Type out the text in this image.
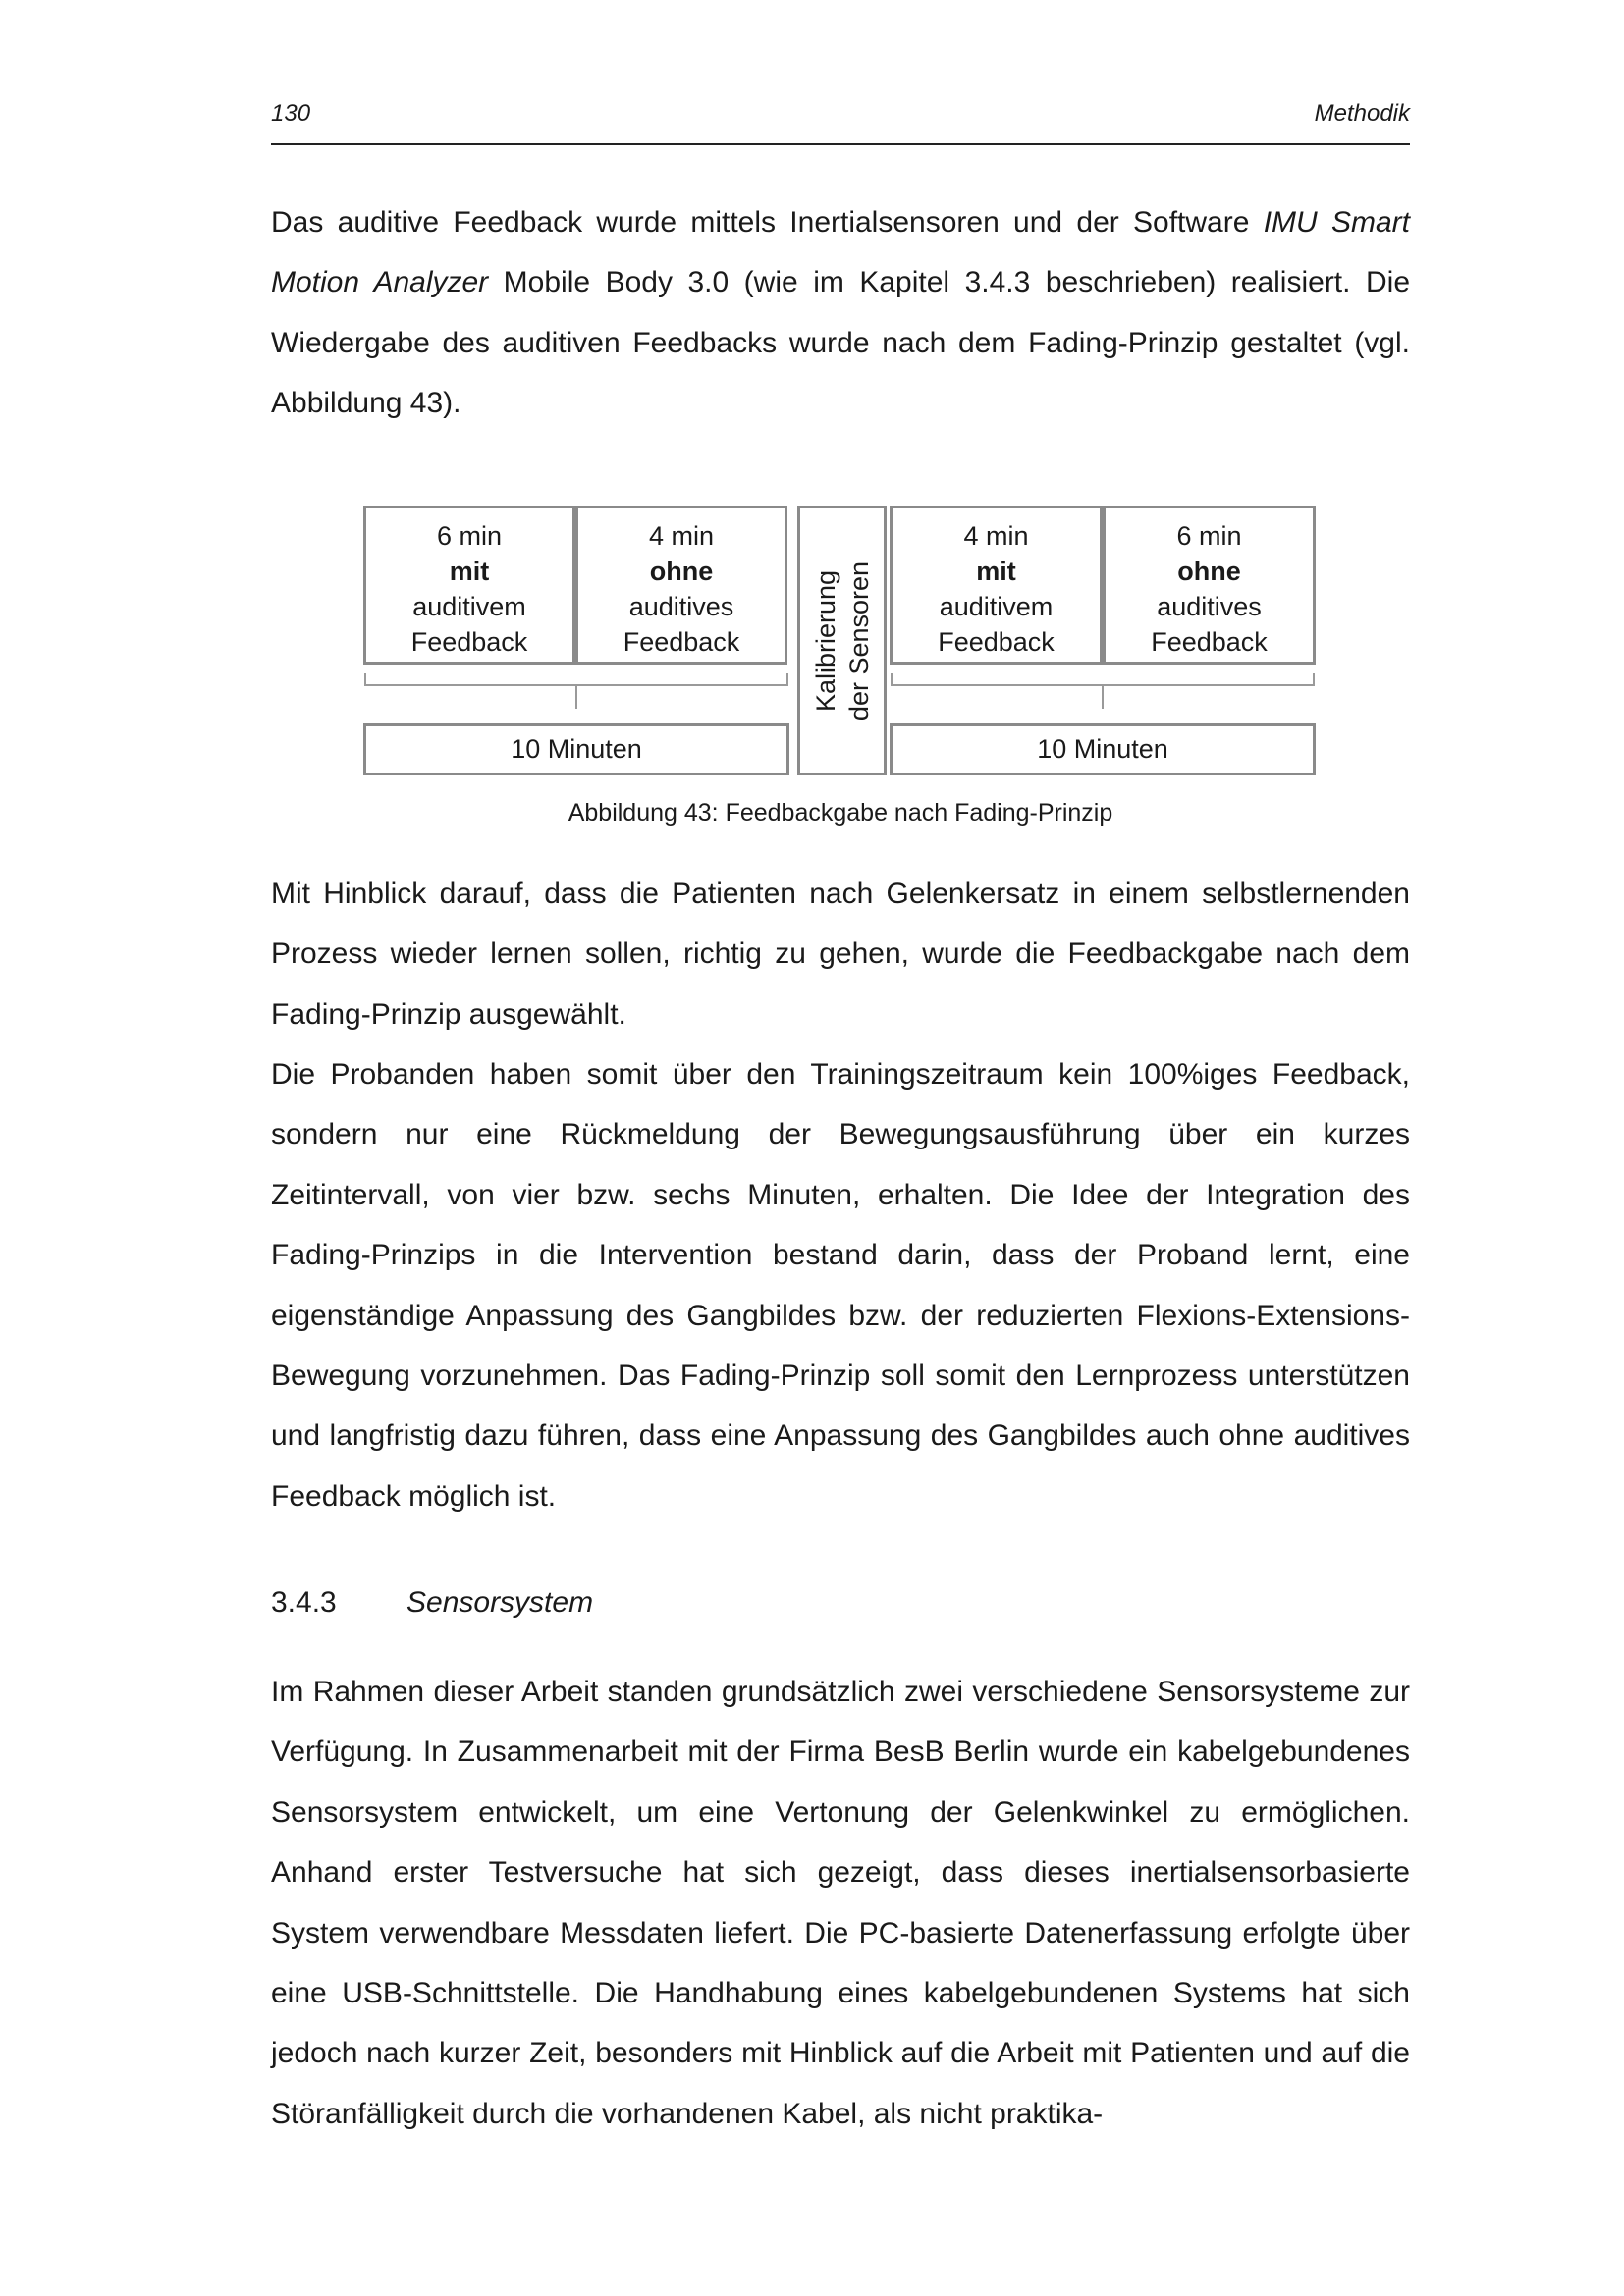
130	Methodik

Das auditive Feedback wurde mittels Inertialsensoren und der Software IMU Smart Motion Analyzer Mobile Body 3.0 (wie im Kapitel 3.4.3 beschrieben) realisiert. Die Wiedergabe des auditiven Feedbacks wurde nach dem Fading-Prinzip gestaltet (vgl. Abbildung 43).

6 min
mit
auditivem
Feedback
4 min
ohne
auditives
Feedback
10 Minuten
Kalibrierung der Sensoren
4 min
mit
auditivem
Feedback
6 min
ohne
auditives
Feedback
10 Minuten
Abbildung 43: Feedbackgabe nach Fading-Prinzip

Mit Hinblick darauf, dass die Patienten nach Gelenkersatz in einem selbstlernenden Prozess wieder lernen sollen, richtig zu gehen, wurde die Feedbackgabe nach dem Fading-Prinzip ausgewählt.

Die Probanden haben somit über den Trainingszeitraum kein 100%iges Feedback, sondern nur eine Rückmeldung der Bewegungsausführung über ein kurzes Zeitintervall, von vier bzw. sechs Minuten, erhalten. Die Idee der Integration des Fading-Prinzips in die Intervention bestand darin, dass der Proband lernt, eine eigenständige Anpassung des Gangbildes bzw. der reduzierten Flexions-Extensions-Bewegung vorzunehmen. Das Fading-Prinzip soll somit den Lernprozess unterstützen und langfristig dazu führen, dass eine Anpassung des Gangbildes auch ohne auditives Feedback möglich ist.

3.4.3 Sensorsystem

Im Rahmen dieser Arbeit standen grundsätzlich zwei verschiedene Sensorsysteme zur Verfügung. In Zusammenarbeit mit der Firma BesB Berlin wurde ein kabelgebundenes Sensorsystem entwickelt, um eine Vertonung der Gelenkwinkel zu ermöglichen. Anhand erster Testversuche hat sich gezeigt, dass dieses inertialsensorbasierte System verwendbare Messdaten liefert. Die PC-basierte Datenerfassung erfolgte über eine USB-Schnittstelle. Die Handhabung eines kabelgebundenen Systems hat sich jedoch nach kurzer Zeit, besonders mit Hinblick auf die Arbeit mit Patienten und auf die Störanfälligkeit durch die vorhandenen Kabel, als nicht praktika-
